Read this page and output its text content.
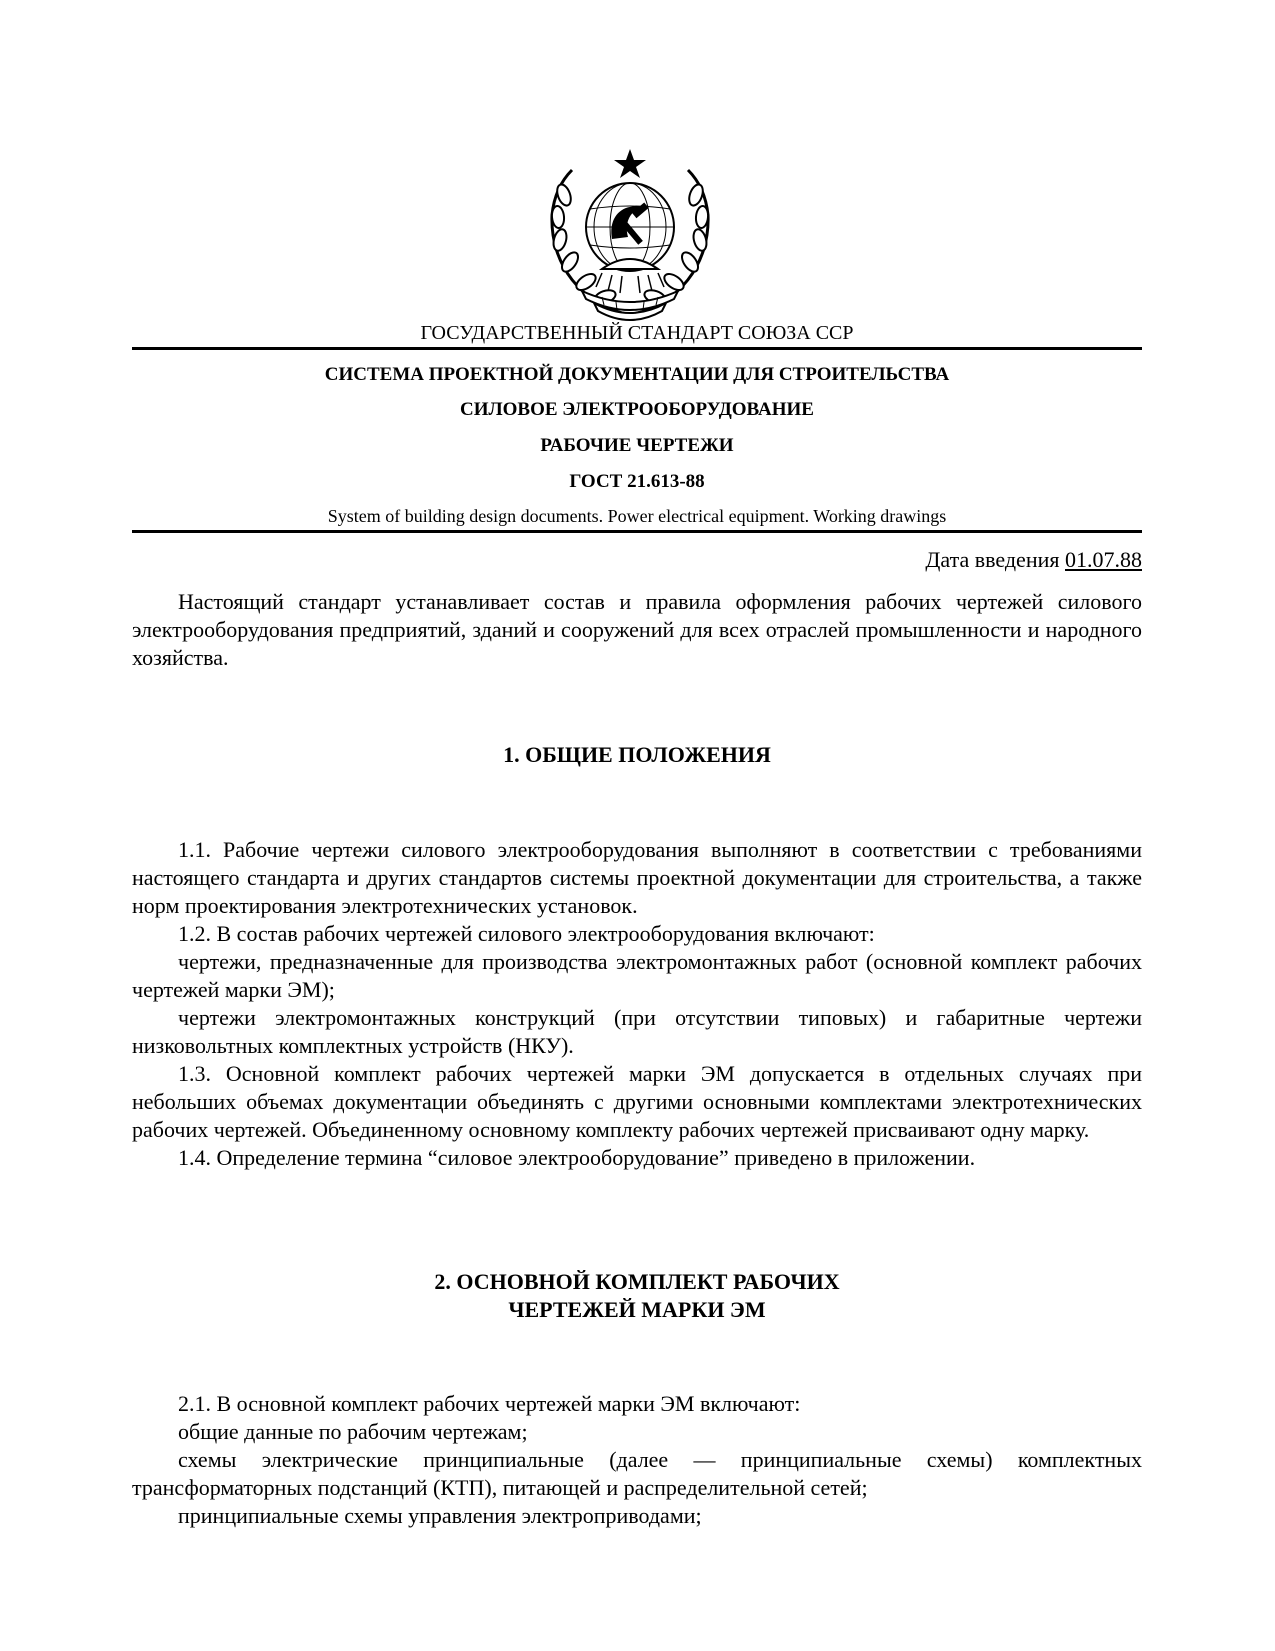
ГОСУДАРСТВЕННЫЙ СТАНДАРТ СОЮЗА ССР
СИСТЕМА ПРОЕКТНОЙ ДОКУМЕНТАЦИИ ДЛЯ СТРОИТЕЛЬСТВА
СИЛОВОЕ ЭЛЕКТРООБОРУДОВАНИЕ
РАБОЧИЕ ЧЕРТЕЖИ
ГОСТ 21.613-88
System of building design documents. Power electrical equipment. Working drawings
Дата введения 01.07.88

Настоящий стандарт устанавливает состав и правила оформления рабочих чертежей силового электрооборудования предприятий, зданий и сооружений для всех отраслей промышленности и народного хозяйства.

1. ОБЩИЕ ПОЛОЖЕНИЯ

1.1. Рабочие чертежи силового электрооборудования выполняют в соответствии с требованиями настоящего стандарта и других стандартов системы проектной документации для строительства, а также норм проектирования электротехнических установок.

1.2. В состав рабочих чертежей силового электрооборудования включают:

чертежи, предназначенные для производства электромонтажных работ (основной комплект рабочих чертежей марки ЭМ);

чертежи электромонтажных конструкций (при отсутствии типовых) и габаритные чертежи низковольтных комплектных устройств (НКУ).

1.3. Основной комплект рабочих чертежей марки ЭМ допускается в отдельных случаях при небольших объемах документации объединять с другими основными комплектами электротехнических рабочих чертежей. Объединенному основному комплекту рабочих чертежей присваивают одну марку.

1.4. Определение термина “силовое электрооборудование” приведено в приложении.

2. ОСНОВНОЙ КОМПЛЕКТ РАБОЧИХ
ЧЕРТЕЖЕЙ МАРКИ ЭМ

2.1. В основной комплект рабочих чертежей марки ЭМ включают:

общие данные по рабочим чертежам;

схемы электрические принципиальные (далее — принципиальные схемы) комплектных трансформаторных подстанций (КТП), питающей и распределительной сетей;

принципиальные схемы управления электроприводами;
